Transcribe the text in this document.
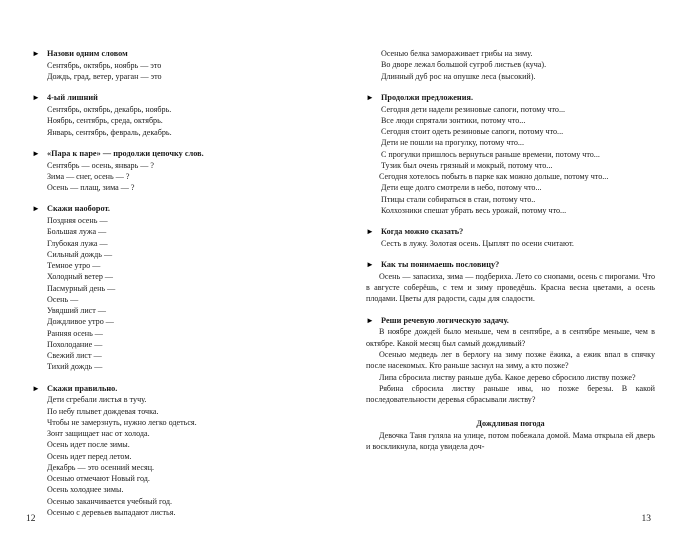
► Назови одним словом
Сентябрь, октябрь, ноябрь — это
Дождь, град, ветер, ураган — это
► 4-ый лишний
Сентябрь, октябрь, декабрь, ноябрь.
Ноябрь, сентябрь, среда, октябрь.
Январь, сентябрь, февраль, декабрь.
► «Пара к паре» — продолжи цепочку слов.
Сентябрь — осень, январь — ?
Зима — снег, осень — ?
Осень — плащ, зима — ?
► Скажи наоборот.
Поздняя осень —
Большая лужа —
Глубокая лужа —
Сильный дождь —
Темное утро —
Холодный ветер —
Пасмурный день —
Осень —
Увядший лист —
Дождливое утро —
Ранняя осень —
Похолодание —
Свежий лист —
Тихий дождь —
► Скажи правильно.
Дети сгребали листья в тучу.
По небу плывет дождевая точка.
Чтобы не замерзнуть, нужно легко одеться.
Зонт защищает нас от холода.
Осень идет после зимы.
Осень идет перед летом.
Декабрь — это осенний месяц.
Осенью отмечают Новый год.
Осень холоднее зимы.
Осенью заканчивается учебный год.
Осенью с деревьев выпадают листья.
12
Осенью белка замораживает грибы на зиму.
Во дворе лежал большой сугроб листьев (куча).
Длинный дуб рос на опушке леса (высокий).
► Продолжи предложения.
Сегодня дети надели резиновые сапоги, потому что...
Все люди спрятали зонтики, потому что...
Сегодня стоит одеть резиновые сапоги, потому что...
Дети не пошли на прогулку, потому что...
С прогулки пришлось вернуться раньше времени, потому что...
Тузик был очень грязный и мокрый, потому что...

Сегодня хотелось побыть в парке как можно дольше, потому что...

Дети еще долго смотрели в небо, потому что...
Птицы стали собираться в стаи, потому что..
Колхозники спешат убрать весь урожай, потому что...
► Когда можно сказать?
Сесть в лужу. Золотая осень. Цыплят по осени считают.
► Как ты понимаешь пословицу?

Осень — запасиха, зима — подбериха. Лето со снопами, осень с пирогами. Что в августе соберёшь, с тем и зиму проведёшь. Красна весна цветами, а осень плодами. Цветы для радости, сады для сладости.

► Реши речевую логическую задачу.

В ноябре дождей было меньше, чем в сентябре, а в сентябре меньше, чем в октябре. Какой месяц был самый дождливый?

Осенью медведь лег в берлогу на зиму позже ёжика, а ежик впал в спячку после насекомых. Кто раньше заснул на зиму, а кто позже?

Липа сбросила листву раньше дуба. Какое дерево сбросило листву позже?

Рябина сбросила листву раньше ивы, но позже березы. В какой последовательности деревья сбрасывали листву?

Дождливая погода

Девочка Таня гуляла на улице, потом побежала домой. Мама открыла ей дверь и воскликнула, когда увидела доч-

13
